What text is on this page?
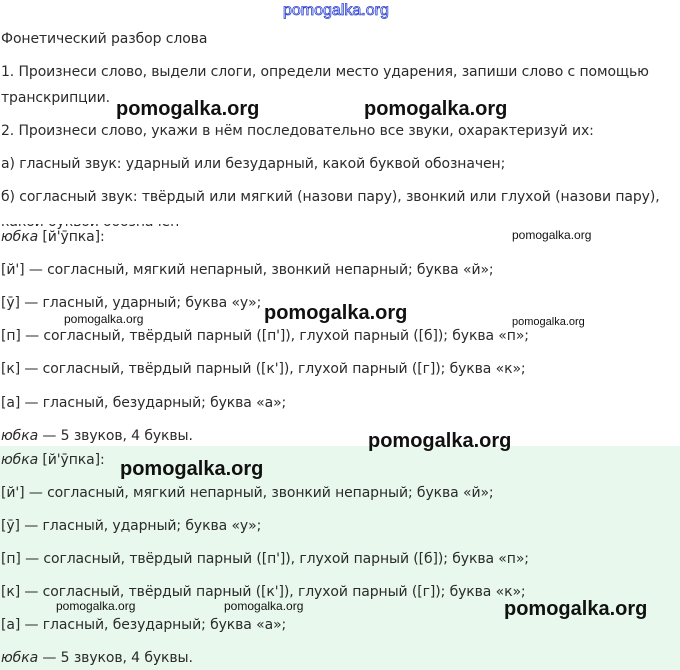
Фонетический разбор слова
1. Произнеси слово, выдели слоги, определи место ударения, запиши слово с помощью
транскрипции.
2. Произнеси слово, укажи в нём последовательно все звуки, охарактеризуй их:
а) гласный звук: ударный или безударный, какой буквой обозначен;
б) согласный звук: твёрдый или мягкий (назови пару), звонкий или глухой (назови пару),
юбка [й'ӯпка]:
[й'] — согласный, мягкий непарный, звонкий непарный; буква «й»;
[ӯ] — гласный, ударный; буква «у»;
[п] — согласный, твёрдый парный ([п']), глухой парный ([б]); буква «п»;
[к] — согласный, твёрдый парный ([к']), глухой парный ([г]); буква «к»;
[а] — гласный, безударный; буква «а»;
юбка — 5 звуков, 4 буквы.
юбка [й'ӯпка]:
[й'] — согласный, мягкий непарный, звонкий непарный; буква «й»;
[ӯ] — гласный, ударный; буква «у»;
[п] — согласный, твёрдый парный ([п']), глухой парный ([б]); буква «п»;
[к] — согласный, твёрдый парный ([к']), глухой парный ([г]); буква «к»;
[а] — гласный, безударный; буква «а»;
юбка — 5 звуков, 4 буквы.
pomogalka.org
pomogalka.org	pomogalka.org
pomogalka.org
pomogalka.org
pomogalka.org	pomogalka.org
pomogalka.org
pomogalka.org
pomogalka.org	pomogalka.org	pomogalka.org
